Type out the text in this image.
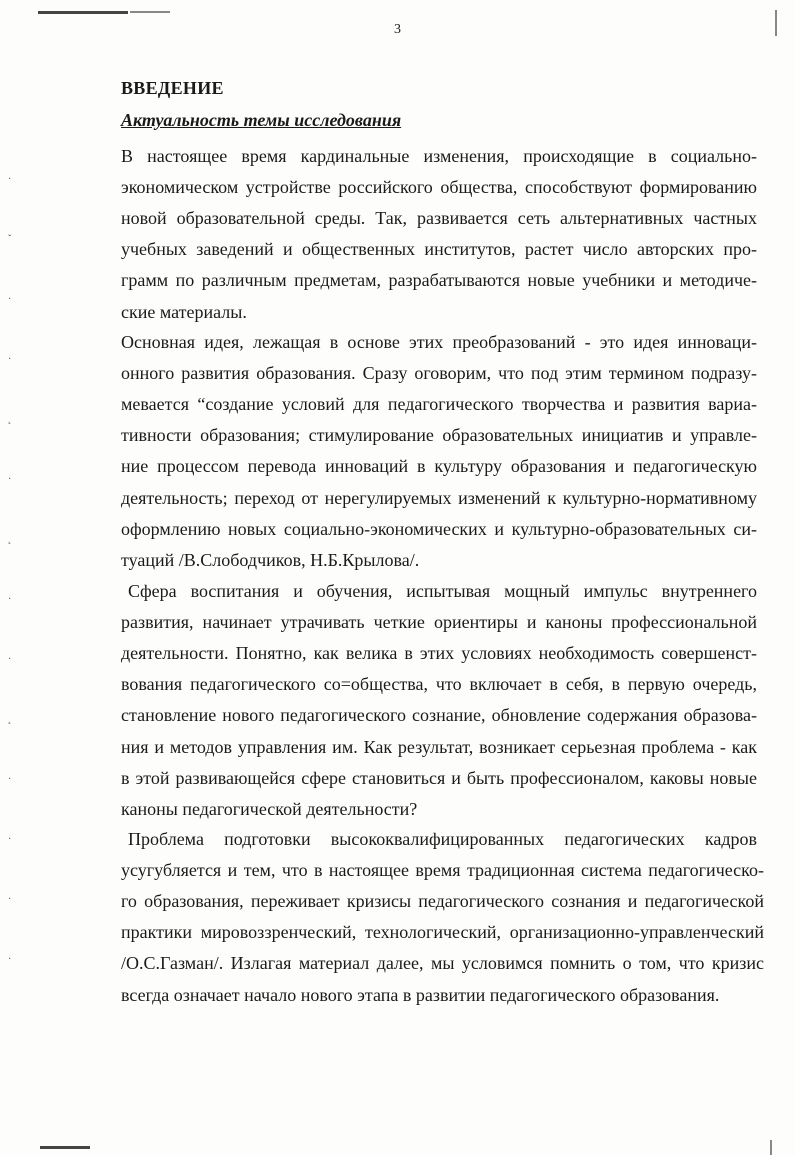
·
ˇ
·
·
˛
·
˛
·
·
˛
·
·
·
·
3
ВВЕДЕНИЕ
Актуальность темы исследования
В настоящее время кардинальные изменения, происходящие в социально-
экономическом устройстве российского общества, способствуют формированию
новой образовательной среды. Так, развивается сеть альтернативных частных
учебных заведений и общественных институтов, растет число авторских про-
грамм по различным предметам, разрабатываются новые учебники и методиче-
ские материалы.
Основная идея, лежащая в основе этих преобразований - это идея инноваци-
онного развития образования. Сразу оговорим, что под этим термином подразу-
мевается “создание условий для педагогического творчества и развития вариа-
тивности образования; стимулирование образовательных инициатив и управле-
ние процессом перевода инноваций в культуру образования и педагогическую
деятельность; переход от нерегулируемых изменений к культурно-нормативному
оформлению новых социально-экономических и культурно-образовательных си-
туаций /В.Слободчиков, Н.Б.Крылова/.
Сфера воспитания и обучения, испытывая мощный импульс внутреннего
развития, начинает утрачивать четкие ориентиры и каноны профессиональной
деятельности. Понятно, как велика в этих условиях необходимость совершенст-
вования педагогического со=общества, что включает в себя, в первую очередь,
становление нового педагогического сознание, обновление содержания образова-
ния и методов управления им. Как результат, возникает серьезная проблема - как
в этой развивающейся сфере становиться и быть профессионалом, каковы новые
каноны педагогической деятельности?
Проблема подготовки высококвалифицированных педагогических кадров
усугубляется и тем, что в настоящее время традиционная система педагогическо-
го образования, переживает кризисы педагогического сознания и педагогической
практики мировоззренческий, технологический, организационно-управленческий
/О.С.Газман/. Излагая материал далее, мы условимся помнить о том, что кризис
всегда означает начало нового этапа в развитии педагогического образования.
